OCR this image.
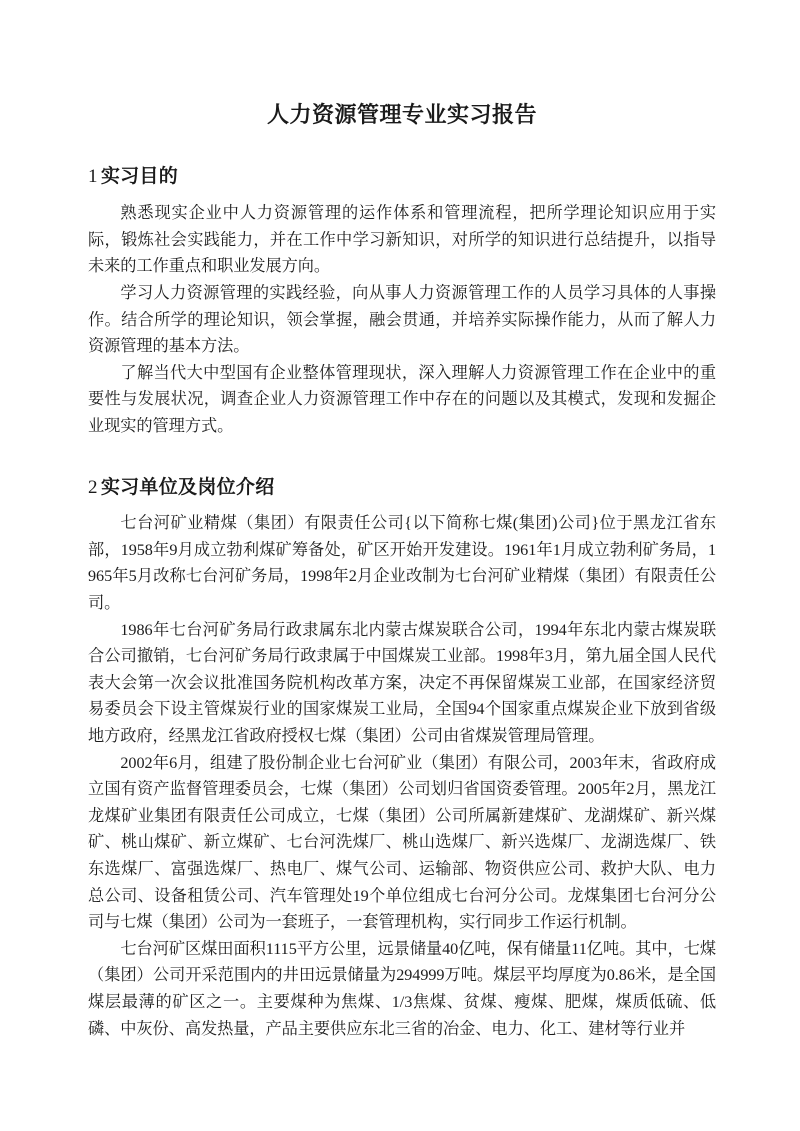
人力资源管理专业实习报告
1 实习目的

熟悉现实企业中人力资源管理的运作体系和管理流程，把所学理论知识应用于实际，锻炼社会实践能力，并在工作中学习新知识，对所学的知识进行总结提升，以指导未来的工作重点和职业发展方向。

学习人力资源管理的实践经验，向从事人力资源管理工作的人员学习具体的人事操作。结合所学的理论知识，领会掌握，融会贯通，并培养实际操作能力，从而了解人力资源管理的基本方法。

了解当代大中型国有企业整体管理现状，深入理解人力资源管理工作在企业中的重要性与发展状况，调查企业人力资源管理工作中存在的问题以及其模式，发现和发掘企业现实的管理方式。

2 实习单位及岗位介绍

七台河矿业精煤（集团）有限责任公司{以下简称七煤(集团)公司}位于黑龙江省东部，1958年9月成立勃利煤矿筹备处，矿区开始开发建设。1961年1月成立勃利矿务局，1965年5月改称七台河矿务局，1998年2月企业改制为七台河矿业精煤（集团）有限责任公司。

1986年七台河矿务局行政隶属东北内蒙古煤炭联合公司，1994年东北内蒙古煤炭联合公司撤销，七台河矿务局行政隶属于中国煤炭工业部。1998年3月，第九届全国人民代表大会第一次会议批准国务院机构改革方案，决定不再保留煤炭工业部，在国家经济贸易委员会下设主管煤炭行业的国家煤炭工业局，全国94个国家重点煤炭企业下放到省级地方政府，经黑龙江省政府授权七煤（集团）公司由省煤炭管理局管理。

2002年6月，组建了股份制企业七台河矿业（集团）有限公司，2003年末，省政府成立国有资产监督管理委员会，七煤（集团）公司划归省国资委管理。2005年2月，黑龙江龙煤矿业集团有限责任公司成立，七煤（集团）公司所属新建煤矿、龙湖煤矿、新兴煤矿、桃山煤矿、新立煤矿、七台河洗煤厂、桃山选煤厂、新兴选煤厂、龙湖选煤厂、铁东选煤厂、富强选煤厂、热电厂、煤气公司、运输部、物资供应公司、救护大队、电力总公司、设备租赁公司、汽车管理处19个单位组成七台河分公司。龙煤集团七台河分公司与七煤（集团）公司为一套班子，一套管理机构，实行同步工作运行机制。

七台河矿区煤田面积1115平方公里，远景储量40亿吨，保有储量11亿吨。其中，七煤（集团）公司开采范围内的井田远景储量为294999万吨。煤层平均厚度为0.86米，是全国煤层最薄的矿区之一。主要煤种为焦煤、1/3焦煤、贫煤、瘦煤、肥煤，煤质低硫、低磷、中灰份、高发热量，产品主要供应东北三省的冶金、电力、化工、建材等行业并
